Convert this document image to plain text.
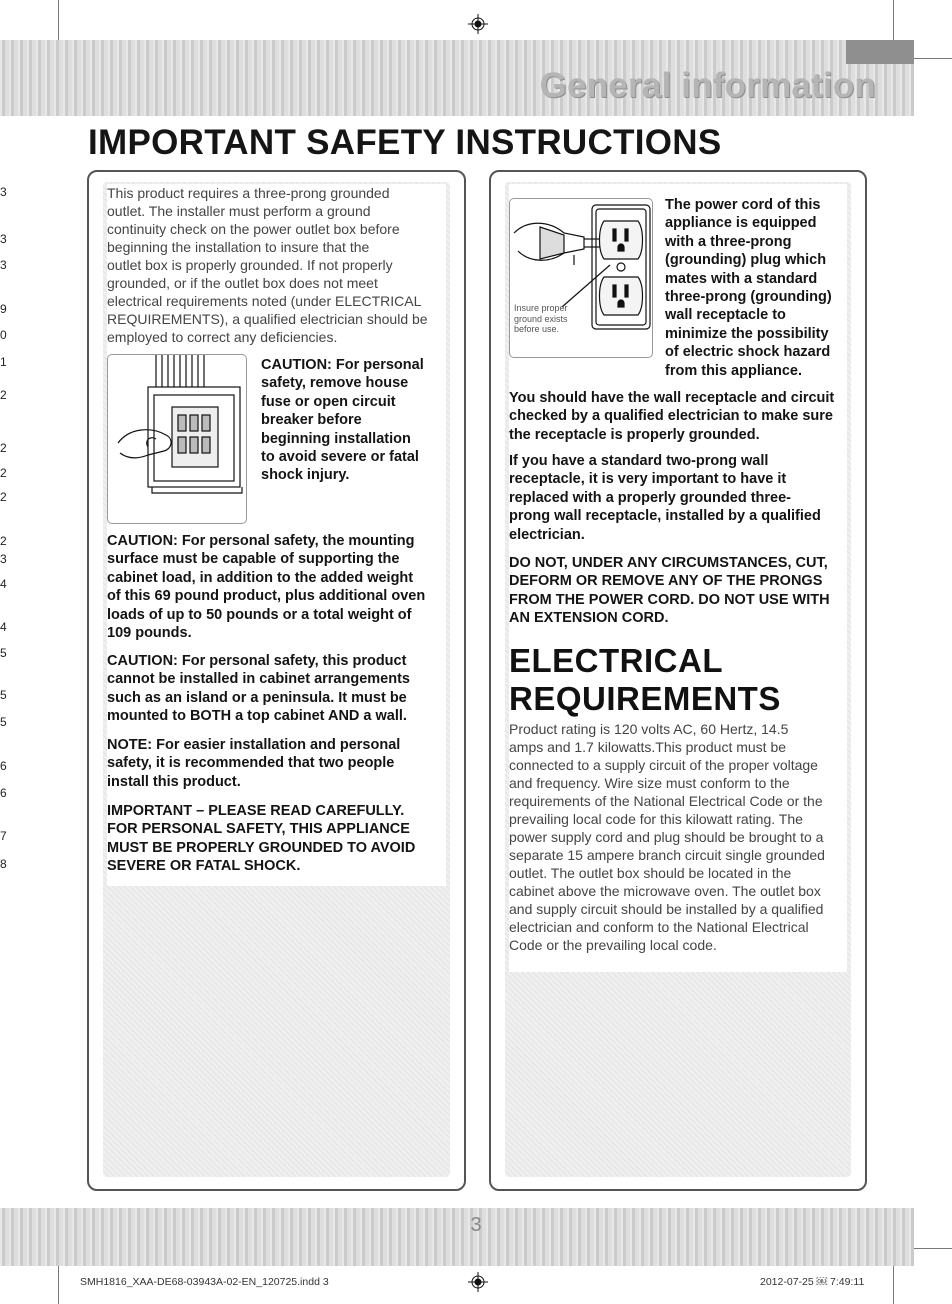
3
3
3
9
0
1
2
2
2
2
2
3
4
4
5
5
5
6
6
7
8
General information
IMPORTANT SAFETY INSTRUCTIONS
This product requires a three-prong grounded
outlet. The installer must perform a ground
continuity check on the power outlet box before
beginning the installation to insure that the
outlet box is properly grounded. If not properly
grounded, or if the outlet box does not meet
electrical requirements noted (under ELECTRICAL
REQUIREMENTS), a qualified electrician should be
employed to correct any deficiencies.
CAUTION: For personal
safety, remove house
fuse or open circuit
breaker before
beginning installation
to avoid severe or fatal
shock injury.
CAUTION: For personal safety, the mounting
surface must be capable of supporting the
cabinet load, in addition to the added weight
of this 69 pound product, plus additional oven
loads of up to 50 pounds or a total weight of
109 pounds.
CAUTION: For personal safety, this product
cannot be installed in cabinet arrangements
such as an island or a peninsula. It must be
mounted to BOTH a top cabinet AND a wall.
NOTE: For easier installation and personal
safety, it is recommended that two people
install this product.
IMPORTANT – PLEASE READ CAREFULLY.
FOR PERSONAL SAFETY, THIS APPLIANCE
MUST BE PROPERLY GROUNDED TO AVOID
SEVERE OR FATAL SHOCK.
Insure proper
ground exists
before use.
The power cord of this
appliance is equipped
with a three-prong
(grounding) plug which
mates with a standard
three-prong (grounding)
wall receptacle to
minimize the possibility
of electric shock hazard
from this appliance.
You should have the wall receptacle and circuit
checked by a qualified electrician to make sure
the receptacle is properly grounded.
If you have a standard two-prong wall
receptacle, it is very important to have it
replaced with a properly grounded three-
prong wall receptacle, installed by a qualified
electrician.
DO NOT, UNDER ANY CIRCUMSTANCES, CUT,
DEFORM OR REMOVE ANY OF THE PRONGS
FROM THE POWER CORD. DO NOT USE WITH
AN EXTENSION CORD.
ELECTRICAL
REQUIREMENTS
Product rating is 120 volts AC, 60 Hertz, 14.5
amps and 1.7 kilowatts.This product must be
connected to a supply circuit of the proper voltage
and frequency. Wire size must conform to the
requirements of the National Electrical Code or the
prevailing local code for this kilowatt rating. The
power supply cord and plug should be brought to a
separate 15 ampere branch circuit single grounded
outlet. The outlet box should be located in the
cabinet above the microwave oven. The outlet box
and supply circuit should be installed by a qualified
electrician and conform to the National Electrical
Code or the prevailing local code.
3
SMH1816_XAA-DE68-03943A-02-EN_120725.indd 3	2012-07-25 ￼ 7:49:11
